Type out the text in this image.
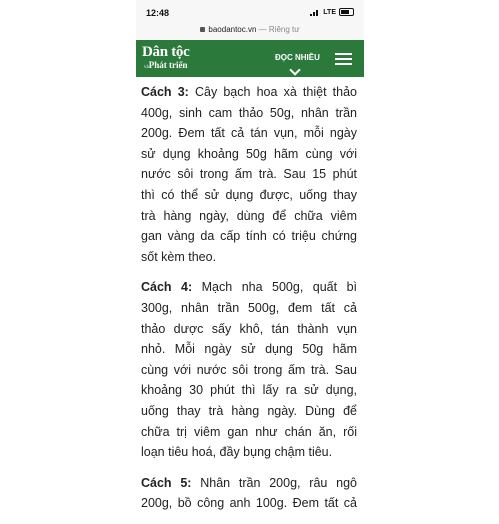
12:48	LTE
baodantoc.vn — Riêng tư
Dân tộc
vàPhát triển
ĐỌC NHIỀU

Cách 3: Cây bạch hoa xà thiệt thảo
400g, sinh cam thảo 50g, nhân trần
200g. Đem tất cả tán vụn, mỗi ngày
sử dụng khoảng 50g hãm cùng với
nước sôi trong ấm trà. Sau 15 phút
thì có thể sử dụng được, uống thay
trà hàng ngày, dùng để chữa viêm
gan vàng da cấp tính có triệu chứng
sốt kèm theo.

Cách 4: Mạch nha 500g, quất bì
300g, nhân trần 500g, đem tất cả
thảo dược sấy khô, tán thành vụn
nhỏ. Mỗi ngày sử dụng 50g hãm
cùng với nước sôi trong ấm trà. Sau
khoảng 30 phút thì lấy ra sử dụng,
uống thay trà hàng ngày. Dùng để
chữa trị viêm gan như chán ăn, rối
loạn tiêu hoá, đầy bụng chậm tiêu.

Cách 5: Nhân trần 200g, râu ngô
200g, bồ công anh 100g. Đem tất cả
